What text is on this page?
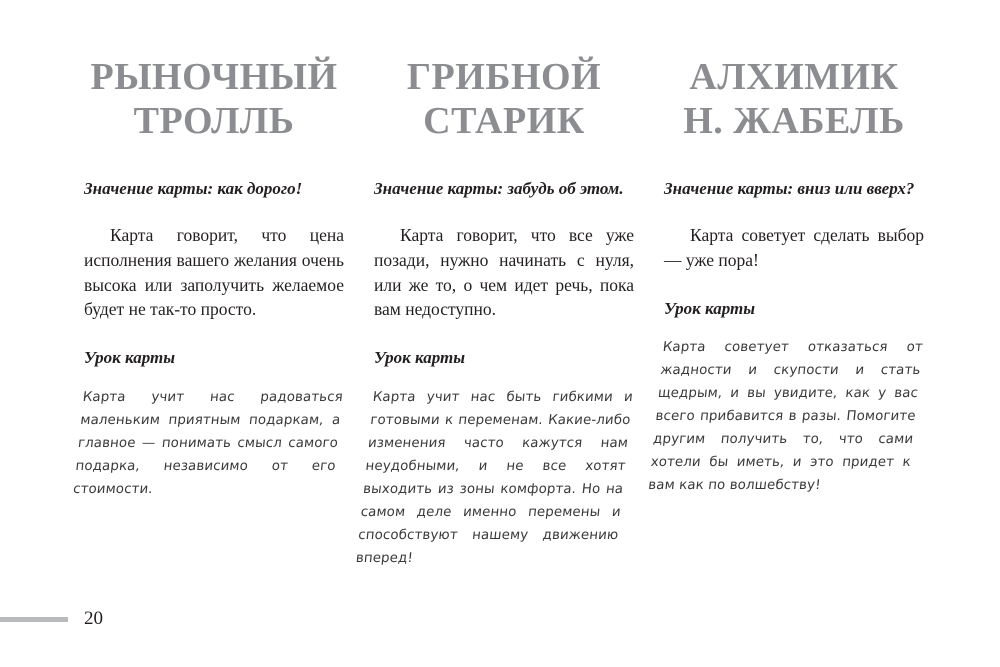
РЫНОЧНЫЙ
ТРОЛЛЬ

Значение карты: как дорого!

Карта говорит, что цена исполнения вашего желания очень высока или заполучить желаемое будет не так-то просто.

Урок карты

Карта учит нас радоваться маленьким приятным подаркам, а главное — понимать смысл самого подарка, независимо от его стоимости.

ГРИБНОЙ
СТАРИК

Значение карты: забудь об этом.

Карта говорит, что все уже позади, нужно начинать с нуля, или же то, о чем идет речь, пока вам недоступно.

Урок карты

Карта учит нас быть гибкими и готовыми к переменам. Какие-либо изменения часто кажутся нам неудобными, и не все хотят выходить из зоны комфорта. Но на самом деле именно перемены и способствуют нашему движению вперед!

АЛХИМИК
Н. ЖАБЕЛЬ

Значение карты: вниз или вверх?

Карта советует сделать выбор — уже пора!

Урок карты

Карта советует отказаться от жадности и скупости и стать щедрым, и вы увидите, как у вас всего прибавится в разы. Помогите другим получить то, что сами хотели бы иметь, и это придет к вам как по волшебству!

20
